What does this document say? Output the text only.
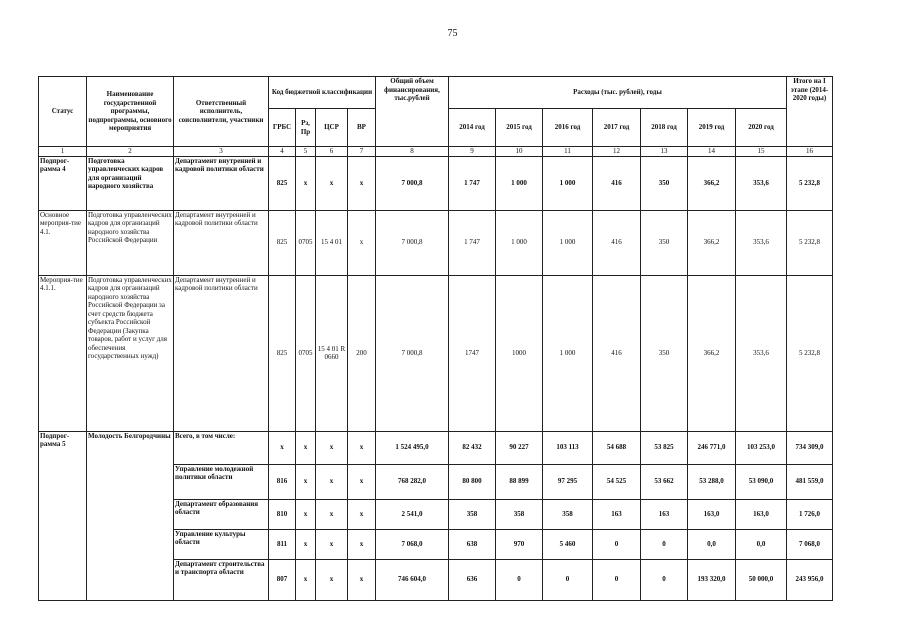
75
Статус	Наименование государственной программы, подпрограммы, основного мероприятия	Ответственный исполнитель, соисполнители, участники	Код бюджетной классификации				Общий объем финансирования, тыс.рублей	Расходы (тыс. рублей), годы							Итого на I этапе (2014-2020 годы)
			ГРБС	Рз, Пр	ЦСР	ВР		2014 год	2015 год	2016 год	2017 год	2018 год	2019 год	2020 год	
1	2	3	4	5	6	7	8	9	10	11	12	13	14	15	16
Подпрог-рамма 4	Подготовка управленческих кадров для организаций народного хозяйства	Департамент внутренней и кадровой политики области	825	х	х	х	7 000,8	1 747	1 000	1 000	416	350	366,2	353,6	5 232,8
Основное мероприя-тие 4.1.	Подготовка управленческих кадров для организаций народного хозяйства Российской Федерации	Департамент внутренней и кадровой политики области	825	0705	15 4 01	х	7 000,8	1 747	1 000	1 000	416	350	366,2	353,6	5 232,8
Мероприя-тие 4.1.1.	Подготовка управленческих кадров для организаций народного хозяйства Российской Федерации за счет средств бюджета субъекта Российской Федерации (Закупка товаров, работ и услуг для обеспечения государственных нужд)	Департамент внутренней и кадровой политики области	825	0705	15 4 01 R 0660	200	7 000,8	1747	1000	1 000	416	350	366,2	353,6	5 232,8
Подпрог-рамма 5	Молодость Белгородчины	Всего, в том числе:	х	х	х	х	1 524 495,0	82 432	90 227	103 113	54 688	53 825	246 771,0	103 253,0	734 309,0
		Управление молодежной политики области	816	х	х	х	768 282,0	80 800	88 899	97 295	54 525	53 662	53 288,0	53 090,0	481 559,0
		Департамент образования области	810	х	х	х	2 541,0	358	358	358	163	163	163,0	163,0	1 726,0
		Управление культуры области	811	х	х	х	7 068,0	638	970	5 460	0	0	0,0	0,0	7 068,0
		Департамент строительства и транспорта области	807	х	х	х	746 604,0	636	0	0	0	0	193 320,0	50 000,0	243 956,0
